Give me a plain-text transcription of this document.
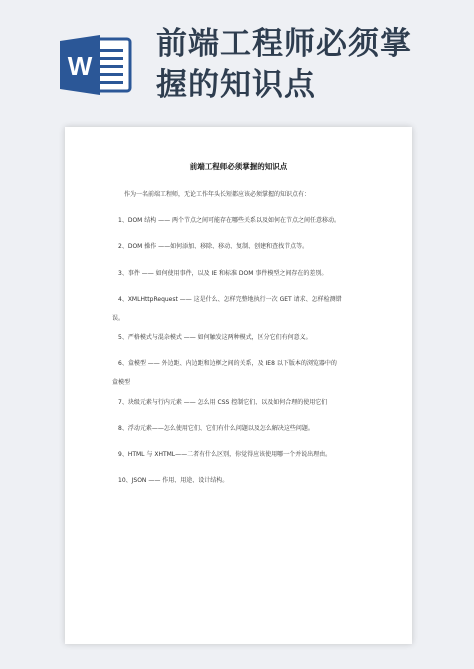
W
前端工程师必须掌
握的知识点
前端工程师必须掌握的知识点
作为一名前端工程师，无论工作年头长短都应该必须掌握的知识点有：
1、DOM 结构 —— 两个节点之间可能存在哪些关系以及如何在节点之间任意移动。
2、DOM 操作 ——如何添加、移除、移动、复制、创建和查找节点等。
3、事件 —— 如何使用事件，以及 IE 和标准 DOM 事件模型之间存在的差别。
4、XMLHttpRequest —— 这是什么、怎样完整地执行一次 GET 请求、怎样检测错
误。
5、严格模式与混杂模式 —— 如何触发这两种模式，区分它们有何意义。
6、盒模型 —— 外边距、内边距和边框之间的关系，及 IE8 以下版本的浏览器中的
盒模型
7、块级元素与行内元素 —— 怎么用 CSS 控制它们、以及如何合理的使用它们
8、浮动元素——怎么使用它们、它们有什么问题以及怎么解决这些问题。
9、HTML 与 XHTML——二者有什么区别，你觉得应该使用哪一个并说出理由。
10、JSON —— 作用、用途、设计结构。
